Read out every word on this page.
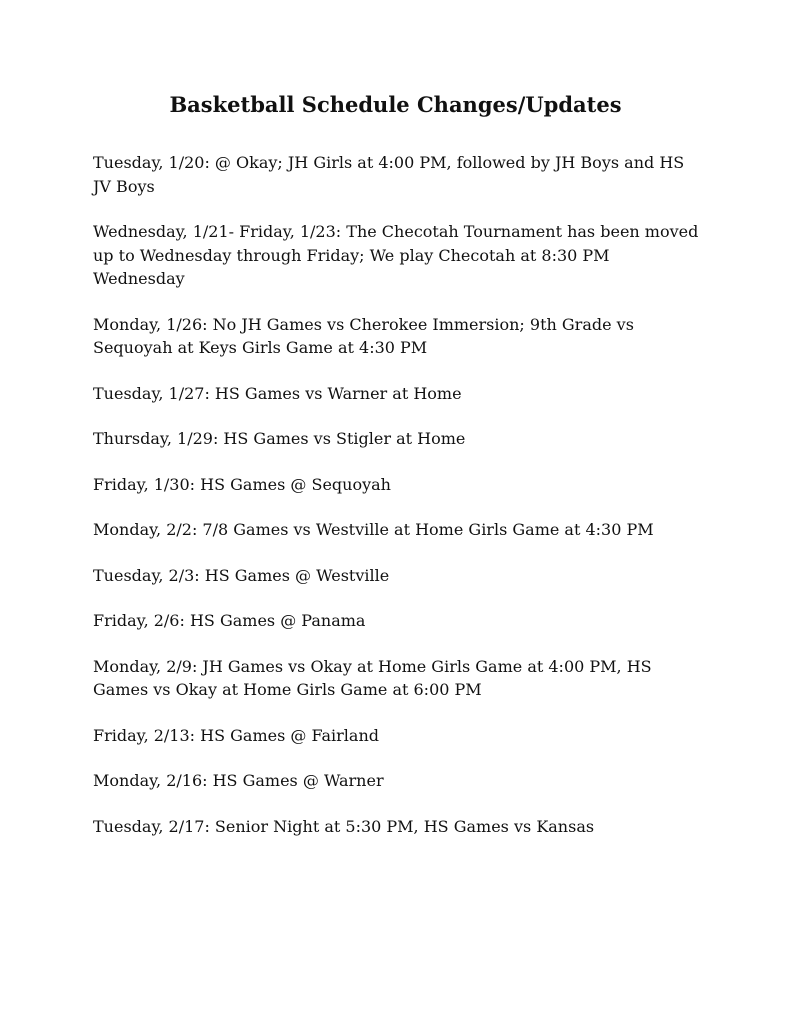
Basketball Schedule Changes/Updates
Tuesday, 1/20: @ Okay; JH Girls at 4:00 PM, followed by JH Boys and HS JV Boys
Wednesday, 1/21- Friday, 1/23: The Checotah Tournament has been moved up to Wednesday through Friday; We play Checotah at 8:30 PM Wednesday
Monday, 1/26: No JH Games vs Cherokee Immersion; 9th Grade vs Sequoyah at Keys Girls Game at 4:30 PM
Tuesday, 1/27: HS Games vs Warner at Home
Thursday, 1/29: HS Games vs Stigler at Home
Friday, 1/30: HS Games @ Sequoyah
Monday, 2/2: 7/8 Games vs Westville at Home Girls Game at 4:30 PM
Tuesday, 2/3: HS Games @ Westville
Friday, 2/6: HS Games @ Panama
Monday, 2/9: JH Games vs Okay at Home Girls Game at 4:00 PM, HS Games vs Okay at Home Girls Game at 6:00 PM
Friday, 2/13: HS Games @ Fairland
Monday, 2/16: HS Games @ Warner
Tuesday, 2/17: Senior Night at 5:30 PM, HS Games vs Kansas
